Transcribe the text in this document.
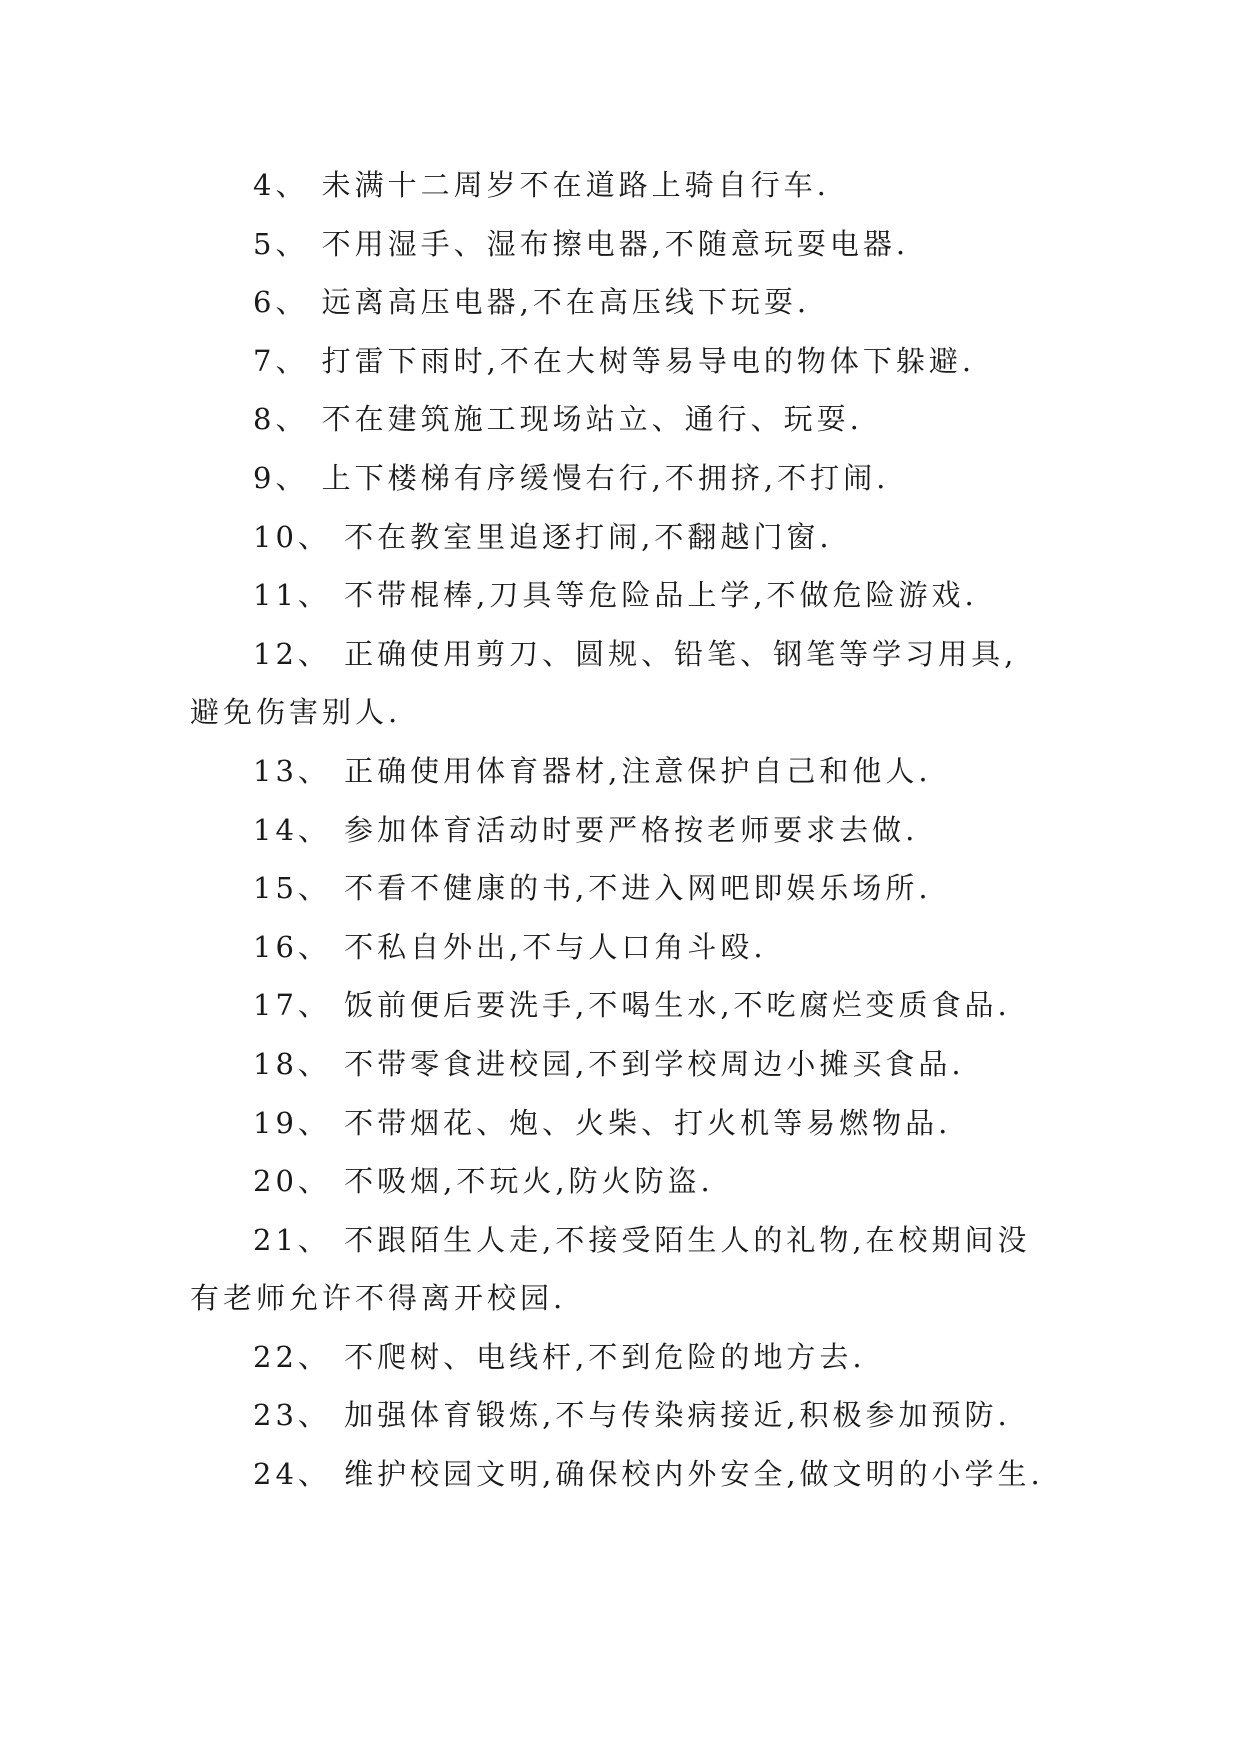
4、 未满十二周岁不在道路上骑自行车.

5、 不用湿手、湿布擦电器,不随意玩耍电器.

6、 远离高压电器,不在高压线下玩耍.

7、 打雷下雨时,不在大树等易导电的物体下躲避.

8、 不在建筑施工现场站立、通行、玩耍.

9、 上下楼梯有序缓慢右行,不拥挤,不打闹.

10、 不在教室里追逐打闹,不翻越门窗.

11、 不带棍棒,刀具等危险品上学,不做危险游戏.

12、 正确使用剪刀、圆规、铅笔、钢笔等学习用具,避免伤害别人.

13、 正确使用体育器材,注意保护自己和他人.

14、 参加体育活动时要严格按老师要求去做.

15、 不看不健康的书,不进入网吧即娱乐场所.

16、 不私自外出,不与人口角斗殴.

17、 饭前便后要洗手,不喝生水,不吃腐烂变质食品.

18、 不带零食进校园,不到学校周边小摊买食品.

19、 不带烟花、炮、火柴、打火机等易燃物品.

20、 不吸烟,不玩火,防火防盗.

21、 不跟陌生人走,不接受陌生人的礼物,在校期间没有老师允许不得离开校园.

22、 不爬树、电线杆,不到危险的地方去.

23、 加强体育锻炼,不与传染病接近,积极参加预防.

24、 维护校园文明,确保校内外安全,做文明的小学生.
